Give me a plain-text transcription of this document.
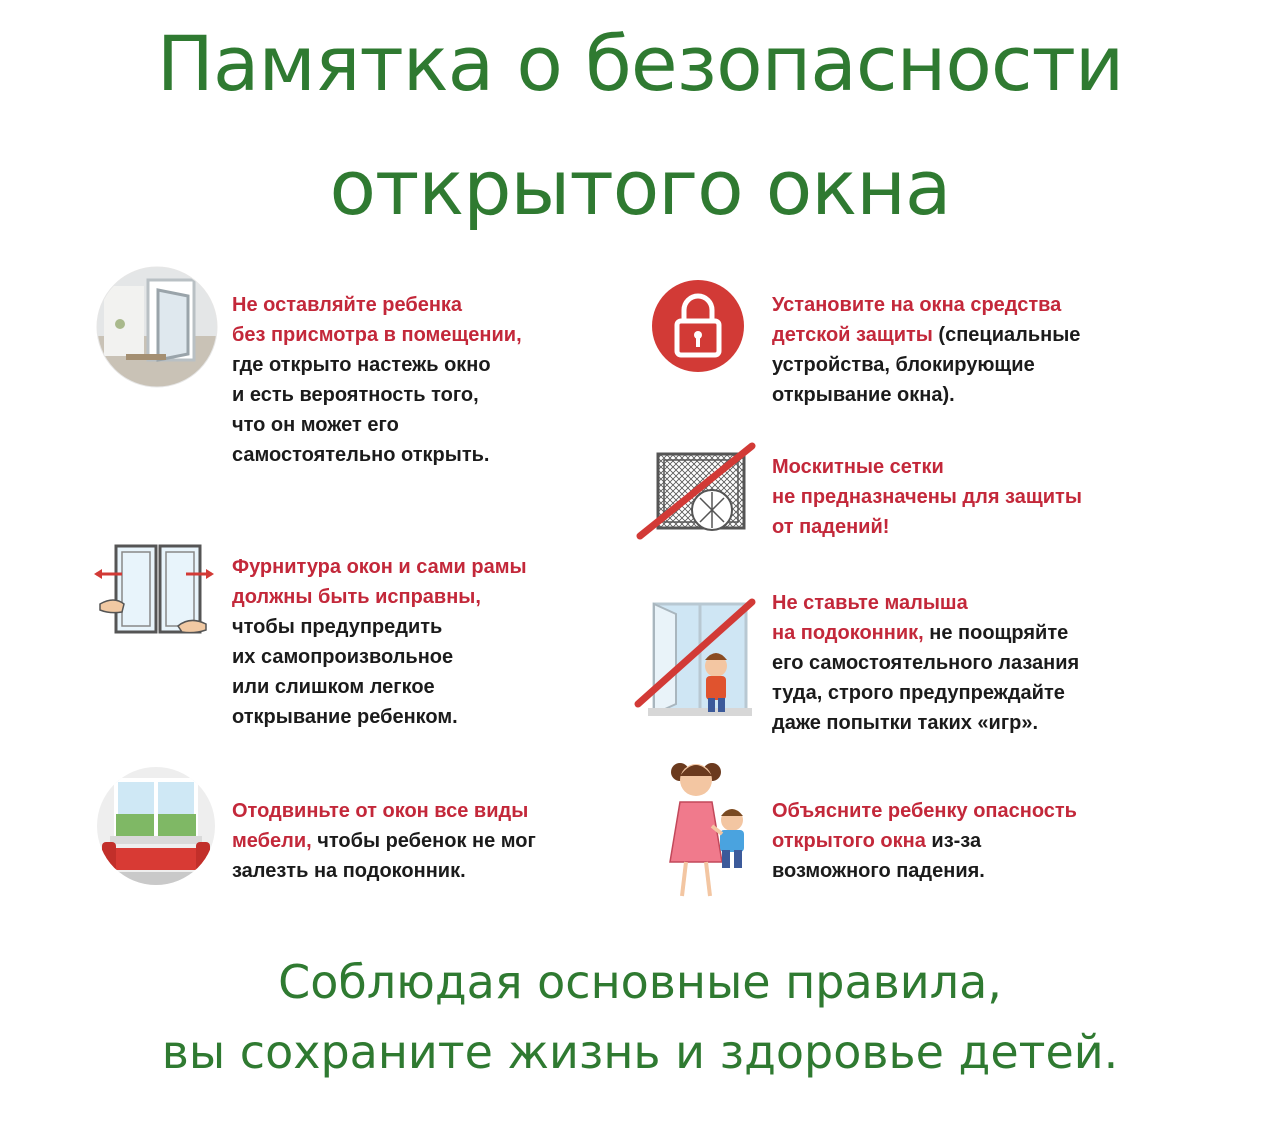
Памятка о безопасности
открытого окна
Не оставляйте ребенка
без присмотра в помещении,
где открыто настежь окно
и есть вероятность того,
что он может его
самостоятельно открыть.
Установите на окна средства
детской защиты (специальные
устройства, блокирующие
открывание окна).
Москитные сетки
не предназначены для защиты
от падений!
Фурнитура окон и сами рамы
должны быть исправны,
чтобы предупредить
их самопроизвольное
или слишком легкое
открывание ребенком.
Не ставьте малыша
на подоконник, не поощряйте
его самостоятельного лазания
туда, строго предупреждайте
даже попытки таких «игр».
Отодвиньте от окон все виды
мебели, чтобы ребенок не мог
залезть на подоконник.
Объясните ребенку опасность
открытого окна из-за
возможного падения.
Соблюдая основные правила,
вы сохраните жизнь и здоровье детей.
